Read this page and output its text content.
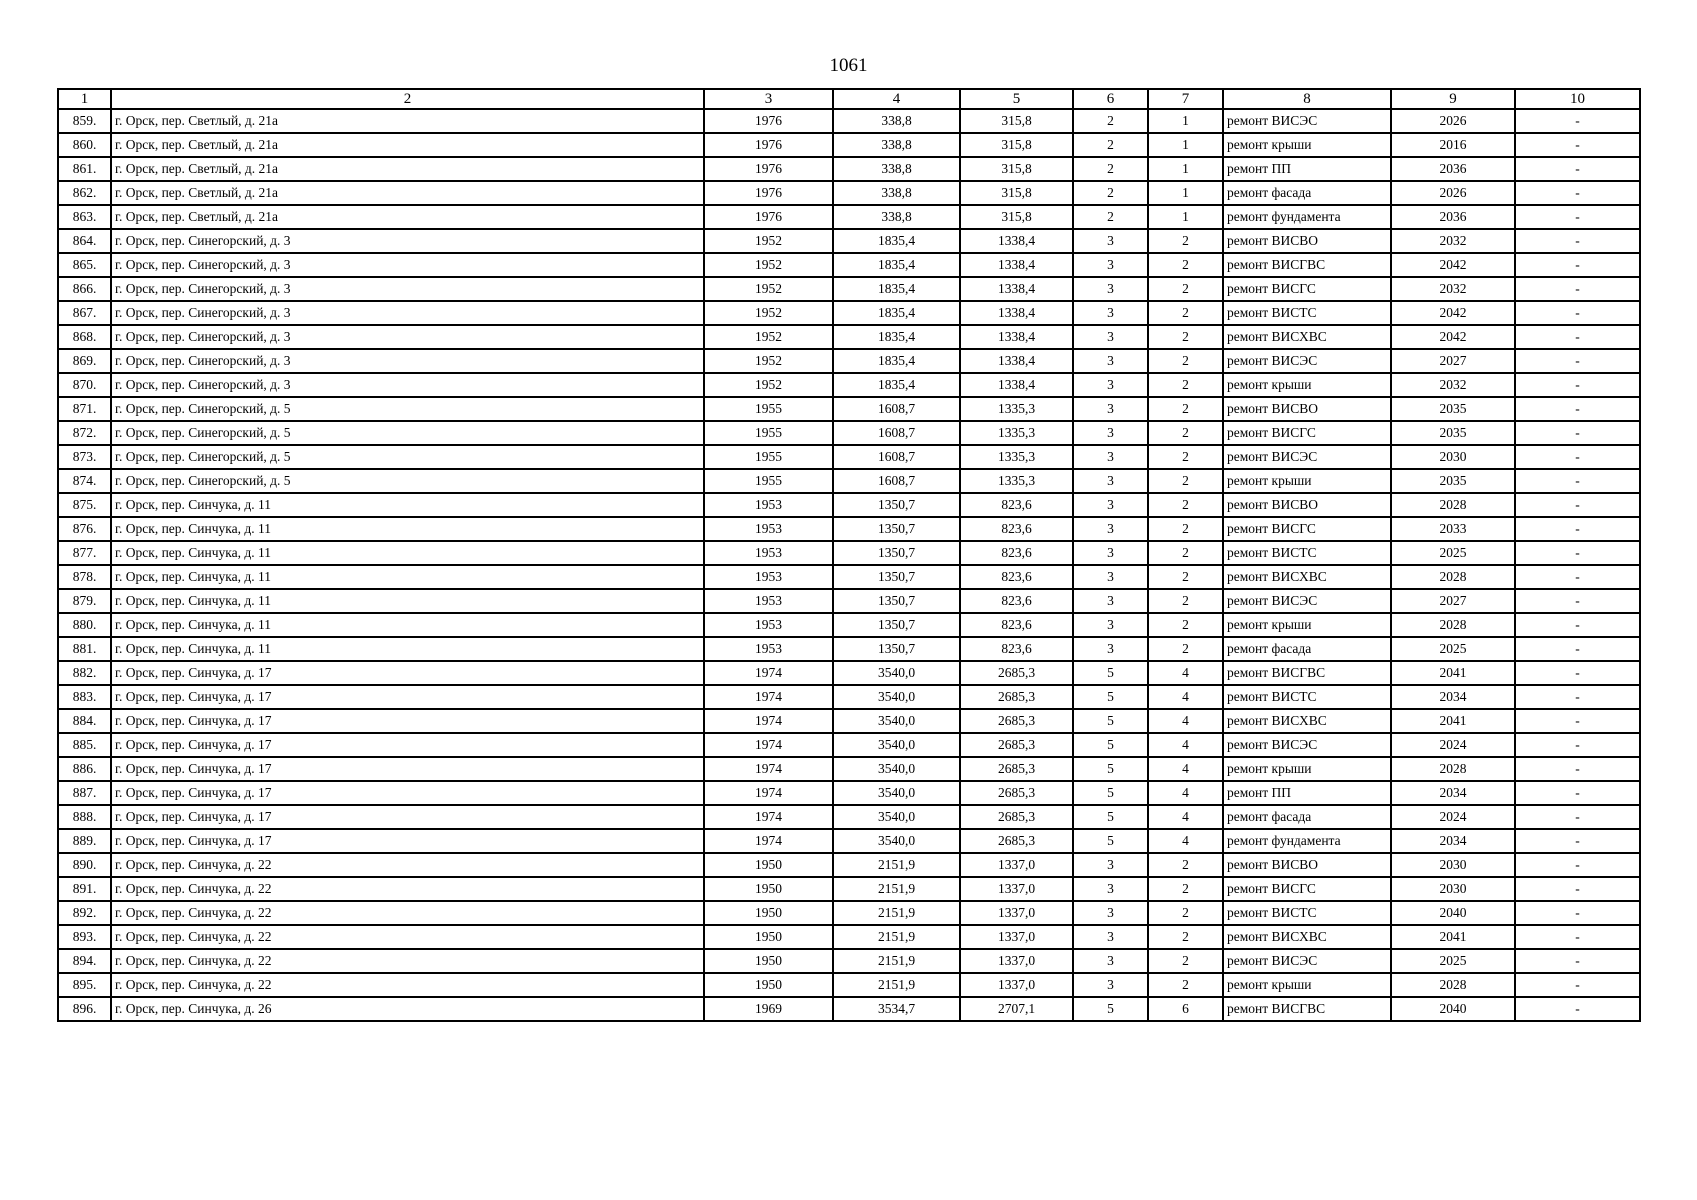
1061
1	2	3	4	5	6	7	8	9	10
859.	г. Орск, пер. Светлый, д. 21а	1976	338,8	315,8	2	1	ремонт ВИСЭС	2026	-
860.	г. Орск, пер. Светлый, д. 21а	1976	338,8	315,8	2	1	ремонт крыши	2016	-
861.	г. Орск, пер. Светлый, д. 21а	1976	338,8	315,8	2	1	ремонт ПП	2036	-
862.	г. Орск, пер. Светлый, д. 21а	1976	338,8	315,8	2	1	ремонт фасада	2026	-
863.	г. Орск, пер. Светлый, д. 21а	1976	338,8	315,8	2	1	ремонт фундамента	2036	-
864.	г. Орск, пер. Синегорский, д. 3	1952	1835,4	1338,4	3	2	ремонт ВИСВО	2032	-
865.	г. Орск, пер. Синегорский, д. 3	1952	1835,4	1338,4	3	2	ремонт ВИСГВС	2042	-
866.	г. Орск, пер. Синегорский, д. 3	1952	1835,4	1338,4	3	2	ремонт ВИСГС	2032	-
867.	г. Орск, пер. Синегорский, д. 3	1952	1835,4	1338,4	3	2	ремонт ВИСТС	2042	-
868.	г. Орск, пер. Синегорский, д. 3	1952	1835,4	1338,4	3	2	ремонт ВИСХВС	2042	-
869.	г. Орск, пер. Синегорский, д. 3	1952	1835,4	1338,4	3	2	ремонт ВИСЭС	2027	-
870.	г. Орск, пер. Синегорский, д. 3	1952	1835,4	1338,4	3	2	ремонт крыши	2032	-
871.	г. Орск, пер. Синегорский, д. 5	1955	1608,7	1335,3	3	2	ремонт ВИСВО	2035	-
872.	г. Орск, пер. Синегорский, д. 5	1955	1608,7	1335,3	3	2	ремонт ВИСГС	2035	-
873.	г. Орск, пер. Синегорский, д. 5	1955	1608,7	1335,3	3	2	ремонт ВИСЭС	2030	-
874.	г. Орск, пер. Синегорский, д. 5	1955	1608,7	1335,3	3	2	ремонт крыши	2035	-
875.	г. Орск, пер. Синчука, д. 11	1953	1350,7	823,6	3	2	ремонт ВИСВО	2028	-
876.	г. Орск, пер. Синчука, д. 11	1953	1350,7	823,6	3	2	ремонт ВИСГС	2033	-
877.	г. Орск, пер. Синчука, д. 11	1953	1350,7	823,6	3	2	ремонт ВИСТС	2025	-
878.	г. Орск, пер. Синчука, д. 11	1953	1350,7	823,6	3	2	ремонт ВИСХВС	2028	-
879.	г. Орск, пер. Синчука, д. 11	1953	1350,7	823,6	3	2	ремонт ВИСЭС	2027	-
880.	г. Орск, пер. Синчука, д. 11	1953	1350,7	823,6	3	2	ремонт крыши	2028	-
881.	г. Орск, пер. Синчука, д. 11	1953	1350,7	823,6	3	2	ремонт фасада	2025	-
882.	г. Орск, пер. Синчука, д. 17	1974	3540,0	2685,3	5	4	ремонт ВИСГВС	2041	-
883.	г. Орск, пер. Синчука, д. 17	1974	3540,0	2685,3	5	4	ремонт ВИСТС	2034	-
884.	г. Орск, пер. Синчука, д. 17	1974	3540,0	2685,3	5	4	ремонт ВИСХВС	2041	-
885.	г. Орск, пер. Синчука, д. 17	1974	3540,0	2685,3	5	4	ремонт ВИСЭС	2024	-
886.	г. Орск, пер. Синчука, д. 17	1974	3540,0	2685,3	5	4	ремонт крыши	2028	-
887.	г. Орск, пер. Синчука, д. 17	1974	3540,0	2685,3	5	4	ремонт ПП	2034	-
888.	г. Орск, пер. Синчука, д. 17	1974	3540,0	2685,3	5	4	ремонт фасада	2024	-
889.	г. Орск, пер. Синчука, д. 17	1974	3540,0	2685,3	5	4	ремонт фундамента	2034	-
890.	г. Орск, пер. Синчука, д. 22	1950	2151,9	1337,0	3	2	ремонт ВИСВО	2030	-
891.	г. Орск, пер. Синчука, д. 22	1950	2151,9	1337,0	3	2	ремонт ВИСГС	2030	-
892.	г. Орск, пер. Синчука, д. 22	1950	2151,9	1337,0	3	2	ремонт ВИСТС	2040	-
893.	г. Орск, пер. Синчука, д. 22	1950	2151,9	1337,0	3	2	ремонт ВИСХВС	2041	-
894.	г. Орск, пер. Синчука, д. 22	1950	2151,9	1337,0	3	2	ремонт ВИСЭС	2025	-
895.	г. Орск, пер. Синчука, д. 22	1950	2151,9	1337,0	3	2	ремонт крыши	2028	-
896.	г. Орск, пер. Синчука, д. 26	1969	3534,7	2707,1	5	6	ремонт ВИСГВС	2040	-
